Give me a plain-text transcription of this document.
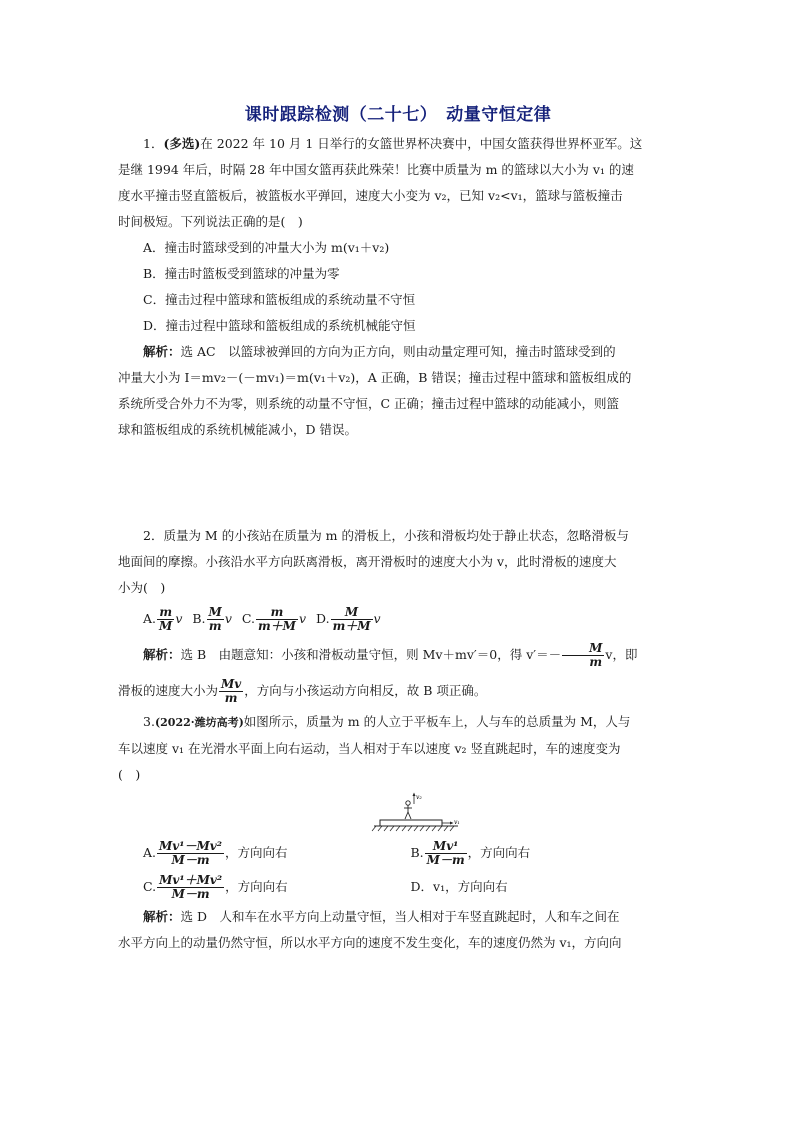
课时跟踪检测（二十七）　动量守恒定律

1．(多选)在 2022 年 10 月 1 日举行的女篮世界杯决赛中，中国女篮获得世界杯亚军。这

是继 1994 年后，时隔 28 年中国女篮再获此殊荣！比赛中质量为 m 的篮球以大小为 v₁ 的速

度水平撞击竖直篮板后，被篮板水平弹回，速度大小变为 v₂，已知 v₂<v₁，篮球与篮板撞击

时间极短。下列说法正确的是(　)

A．撞击时篮球受到的冲量大小为 m(v₁＋v₂)
B．撞击时篮板受到篮球的冲量为零
C．撞击过程中篮球和篮板组成的系统动量不守恒
D．撞击过程中篮球和篮板组成的系统机械能守恒

解析：选 AC　以篮球被弹回的方向为正方向，则由动量定理可知，撞击时篮球受到的

冲量大小为 I＝mv₂－(－mv₁)＝m(v₁＋v₂)，A 正确，B 错误；撞击过程中篮球和篮板组成的

系统所受合外力不为零，则系统的动量不守恒，C 正确；撞击过程中篮球的动能减小，则篮

球和篮板组成的系统机械能减小，D 错误。

2．质量为 M 的小孩站在质量为 m 的滑板上，小孩和滑板均处于静止状态，忽略滑板与

地面间的摩擦。小孩沿水平方向跃离滑板，离开滑板时的速度大小为 v，此时滑板的速度大

小为(　)

A. $\frac{m}{M}$ v B. $\frac{M}{m}$ v C. $\frac{m}{m+M}$ v D. $\frac{M}{m+M}$ v

解析：选 B　由题意知：小孩和滑板动量守恒，则 Mv＋mv′＝0，得 $v'=- \frac{M}{m}$ v，即

滑板的速度大小为 $\frac{Mv}{m}$ ，方向与小孩运动方向相反，故 B 项正确。

3.(2022·潍坊高考)如图所示，质量为 m 的人立于平板车上，人与车的总质量为 M，人与

车以速度 v₁ 在光滑水平面上向右运动，当人相对于车以速度 v₂ 竖直跳起时，车的速度变为

(　)

v₂
v₁
A. $\frac{\text{Mv¹－Mv²}}{M-m}$ ，方向向右	B. $\frac{\text{Mv¹}}{M-m}$ ，方向向右
C. $\frac{\text{Mv¹＋Mv²}}{M-m}$ ，方向向右	D．v₁，方向向右

解析：选 D　人和车在水平方向上动量守恒，当人相对于车竖直跳起时，人和车之间在

水平方向上的动量仍然守恒，所以水平方向的速度不发生变化，车的速度仍然为 v₁，方向向
